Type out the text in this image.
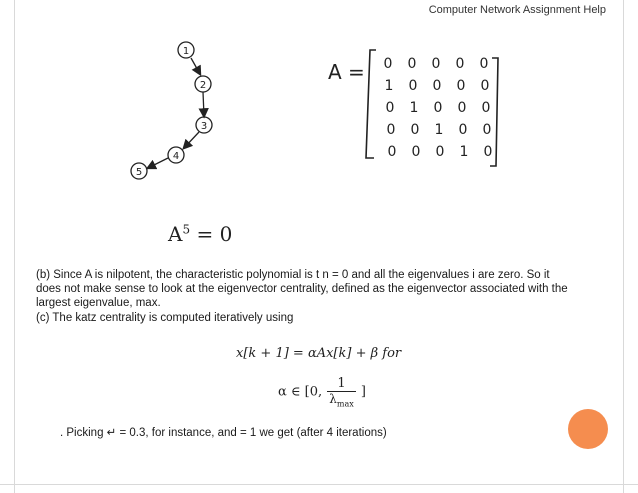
Computer Network Assignment Help
1
2
3
4
5
A = 0 0 0 0 0
1 0 0 0 0
0 1 0 0 0
0 0 1 0 0
0 0 0 1 0
$A^5 = 0$
(b) Since A is nilpotent, the characteristic polynomial is t n = 0 and all the eigenvalues i are zero. So it does not make sense to look at the eigenvector centrality, defined as the eigenvector associated with the largest eigenvalue, max.
(c) The katz centrality is computed iteratively using
x[k + 1] = αAx[k] + β for
α ∈ [0, $\frac{1}{\lambda_{max}}$ ]
. Picking ↵ = 0.3, for instance, and = 1 we get (after 4 iterations)
